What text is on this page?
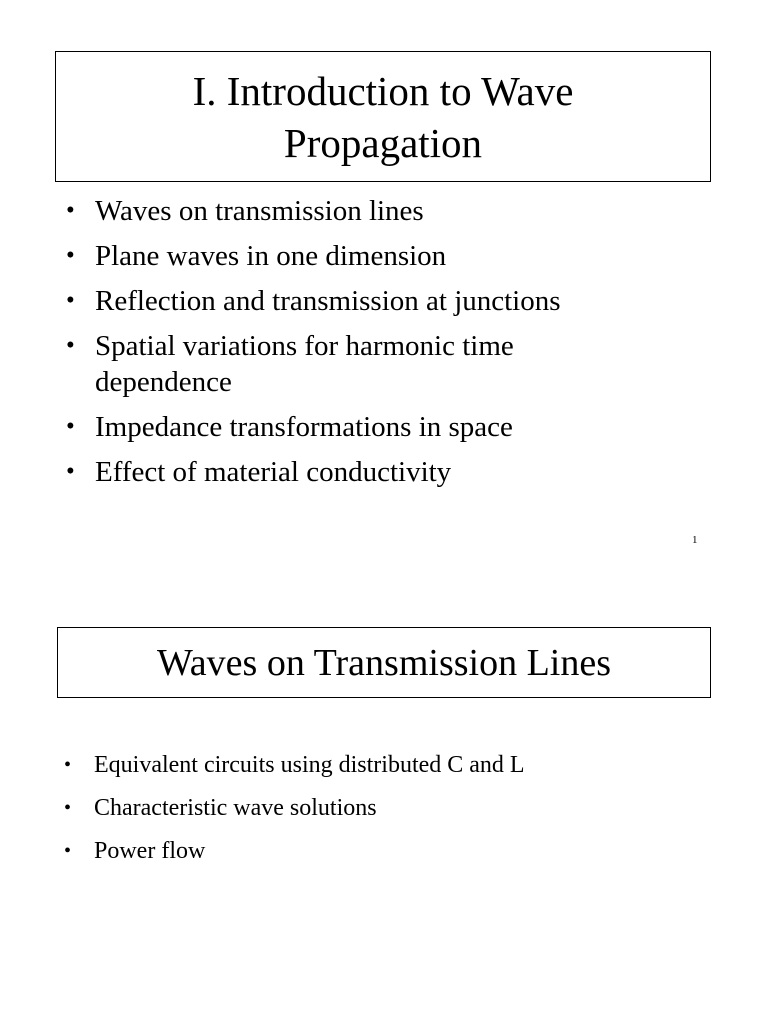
I. Introduction to Wave
Propagation
• Waves on transmission lines
• Plane waves in one dimension
• Reflection and transmission at junctions
• Spatial variations for harmonic time dependence
• Impedance transformations in space
• Effect of material conductivity
1
Waves on Transmission Lines
• Equivalent circuits using distributed C and L
• Characteristic wave solutions
• Power flow
